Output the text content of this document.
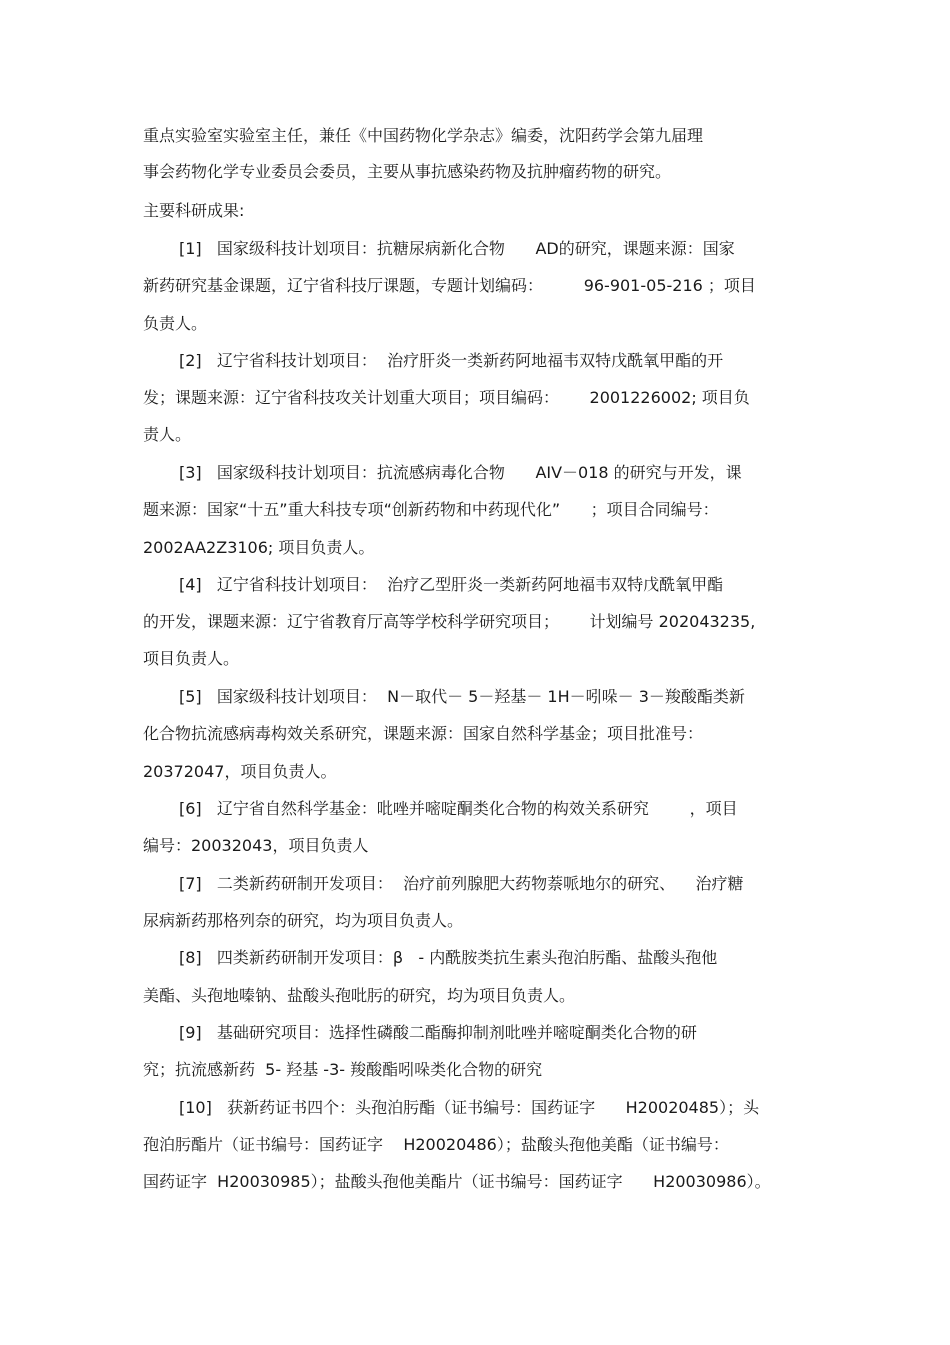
重点实验室实验室主任，兼任《中国药物化学杂志》编委，沈阳药学会第九届理
事会药物化学专业委员会委员，主要从事抗感染药物及抗肿瘤药物的研究。
主要科研成果:
[1]   国家级科技计划项目：抗糖尿病新化合物      AD的研究，课题来源：国家
新药研究基金课题，辽宁省科技厅课题，专题计划编码：        96-901-05-216 ；项目
负责人。
[2]   辽宁省科技计划项目：  治疗肝炎一类新药阿地福韦双特戊酰氧甲酯的开
发；课题来源：辽宁省科技攻关计划重大项目；项目编码：      2001226002; 项目负
责人。
[3]   国家级科技计划项目：抗流感病毒化合物      AIV－018 的研究与开发，课
题来源：国家“十五”重大科技专项“创新药物和中药现代化”      ；项目合同编号：
2002AA2Z3106; 项目负责人。
[4]   辽宁省科技计划项目：  治疗乙型肝炎一类新药阿地福韦双特戊酰氧甲酯
的开发，课题来源：辽宁省教育厅高等学校科学研究项目；      计划编号 202043235,
项目负责人。
[5]   国家级科技计划项目：  N－取代－ 5－羟基－ 1H－吲哚－ 3－羧酸酯类新
化合物抗流感病毒构效关系研究，课题来源：国家自然科学基金；项目批准号：
20372047，项目负责人。
[6]   辽宁省自然科学基金：吡唑并嘧啶酮类化合物的构效关系研究        ，项目
编号：20032043，项目负责人
[7]   二类新药研制开发项目：  治疗前列腺肥大药物萘哌地尔的研究、    治疗糖
尿病新药那格列奈的研究，均为项目负责人。
[8]   四类新药研制开发项目：β   - 内酰胺类抗生素头孢泊肟酯、盐酸头孢他
美酯、头孢地嗪钠、盐酸头孢吡肟的研究，均为项目负责人。
[9]   基础研究项目：选择性磷酸二酯酶抑制剂吡唑并嘧啶酮类化合物的研
究；抗流感新药  5- 羟基 -3- 羧酸酯吲哚类化合物的研究
[10]   获新药证书四个：头孢泊肟酯（证书编号：国药证字      H20020485）；头
孢泊肟酯片（证书编号：国药证字    H20020486）；盐酸头孢他美酯（证书编号：
国药证字  H20030985）；盐酸头孢他美酯片（证书编号：国药证字      H20030986）。
